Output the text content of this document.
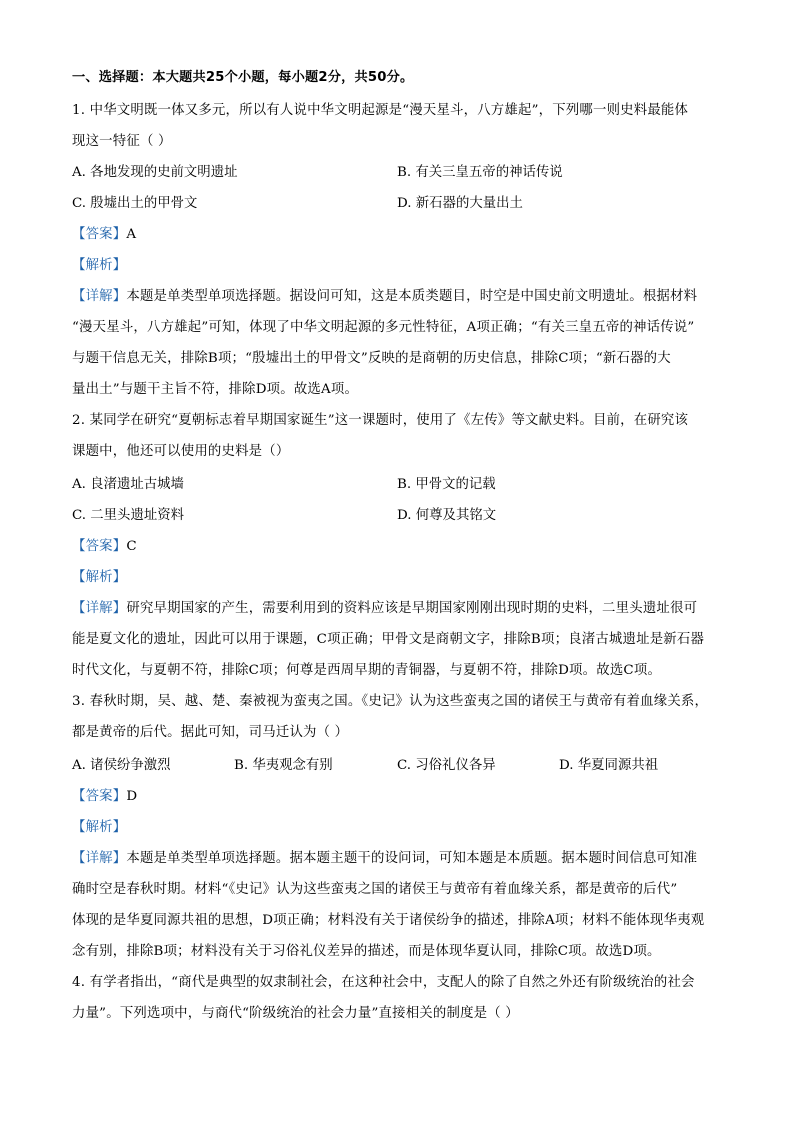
一、选择题：本大题共25个小题，每小题2分，共50分。
1. 中华文明既一体又多元，所以有人说中华文明起源是“漫天星斗，八方雄起”，下列哪一则史料最能体
现这一特征（ ）
A. 各地发现的史前文明遗址	B. 有关三皇五帝的神话传说
C. 殷墟出土的甲骨文	D. 新石器的大量出土
【答案】A
【解析】
【详解】本题是单类型单项选择题。据设问可知，这是本质类题目，时空是中国史前文明遗址。根据材料
“漫天星斗，八方雄起”可知，体现了中华文明起源的多元性特征，A项正确；“有关三皇五帝的神话传说”
与题干信息无关，排除B项；“殷墟出土的甲骨文”反映的是商朝的历史信息，排除C项；“新石器的大
量出土”与题干主旨不符，排除D项。故选A项。
2. 某同学在研究“夏朝标志着早期国家诞生”这一课题时，使用了《左传》等文献史料。目前，在研究该
课题中，他还可以使用的史料是（）
A. 良渚遗址古城墙	B. 甲骨文的记载
C. 二里头遗址资料	D. 何尊及其铭文
【答案】C
【解析】
【详解】研究早期国家的产生，需要利用到的资料应该是早期国家刚刚出现时期的史料，二里头遗址很可
能是夏文化的遗址，因此可以用于课题，C项正确；甲骨文是商朝文字，排除B项；良渚古城遗址是新石器
时代文化，与夏朝不符，排除C项；何尊是西周早期的青铜器，与夏朝不符，排除D项。故选C项。
3. 春秋时期，吴、越、楚、秦被视为蛮夷之国。《史记》认为这些蛮夷之国的诸侯王与黄帝有着血缘关系，
都是黄帝的后代。据此可知，司马迁认为（ ）
A. 诸侯纷争激烈	B. 华夷观念有别	C. 习俗礼仪各异	D. 华夏同源共祖
【答案】D
【解析】
【详解】本题是单类型单项选择题。据本题主题干的设问词，可知本题是本质题。据本题时间信息可知准
确时空是春秋时期。材料“《史记》认为这些蛮夷之国的诸侯王与黄帝有着血缘关系，都是黄帝的后代”
体现的是华夏同源共祖的思想，D项正确；材料没有关于诸侯纷争的描述，排除A项；材料不能体现华夷观
念有别，排除B项；材料没有关于习俗礼仪差异的描述，而是体现华夏认同，排除C项。故选D项。
4. 有学者指出，“商代是典型的奴隶制社会，在这种社会中，支配人的除了自然之外还有阶级统治的社会
力量”。下列选项中，与商代“阶级统治的社会力量”直接相关的制度是（ ）
